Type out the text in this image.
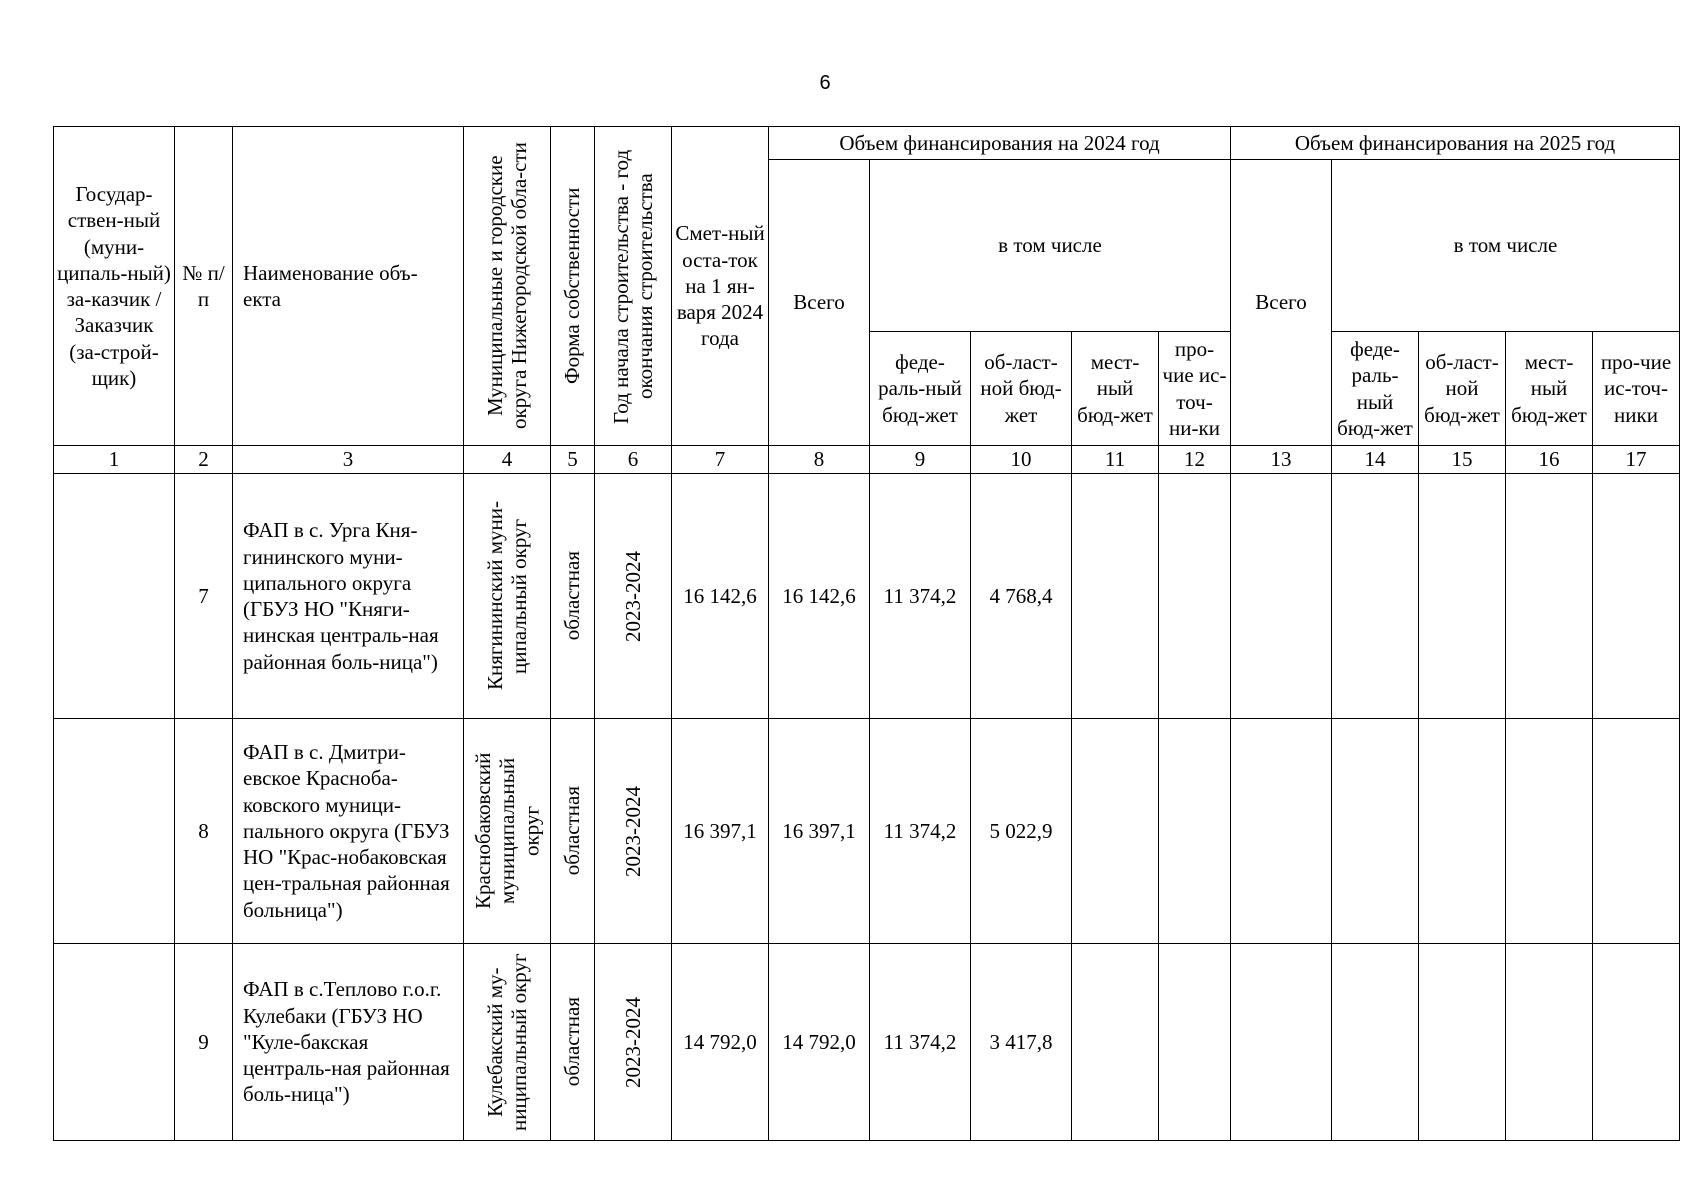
6
Государ-ствен-ный (муни-ципаль-ный) за-казчик / Заказчик (за-строй-щик)	№ п/п	Наименование объ-екта	Муниципальные и городские округа Нижегородской обла-сти	Форма собственности	Год начала строительства - год окончания строительства	Смет-ный оста-ток на 1 ян-варя 2024 года	Объем финансирования на 2024 год					Объем финансирования на 2025 год				
							Всего	в том числе				Всего	в том числе			
								феде-раль-ный бюд-жет	об-ласт-ной бюд-жет	мест-ный бюд-жет	про-чие ис-точ-ни-ки		феде-раль-ный бюд-жет	об-ласт-ной бюд-жет	мест-ный бюд-жет	про-чие ис-точ-ники
1	2	3	4	5	6	7	8	9	10	11	12	13	14	15	16	17
	7	ФАП в с. Урга Кня-гининского муни-ципального округа (ГБУЗ НО "Княги-нинская централь-ная районная боль-ница")	Княгининский муни-ципальный округ	областная	2023-2024	16 142,6	16 142,6	11 374,2	4 768,4							
	8	ФАП в с. Дмитри-евское Краснoба-ковского муници-пального округа (ГБУЗ НО "Крас-нобаковская цен-тральная районная больница")	Краснобаковский муниципальный округ	областная	2023-2024	16 397,1	16 397,1	11 374,2	5 022,9							
	9	ФАП в с.Теплово г.о.г. Кулебаки (ГБУЗ НО "Куле-бакская централь-ная районная боль-ница")	Кулебакский му-ниципальный округ	областная	2023-2024	14 792,0	14 792,0	11 374,2	3 417,8							
